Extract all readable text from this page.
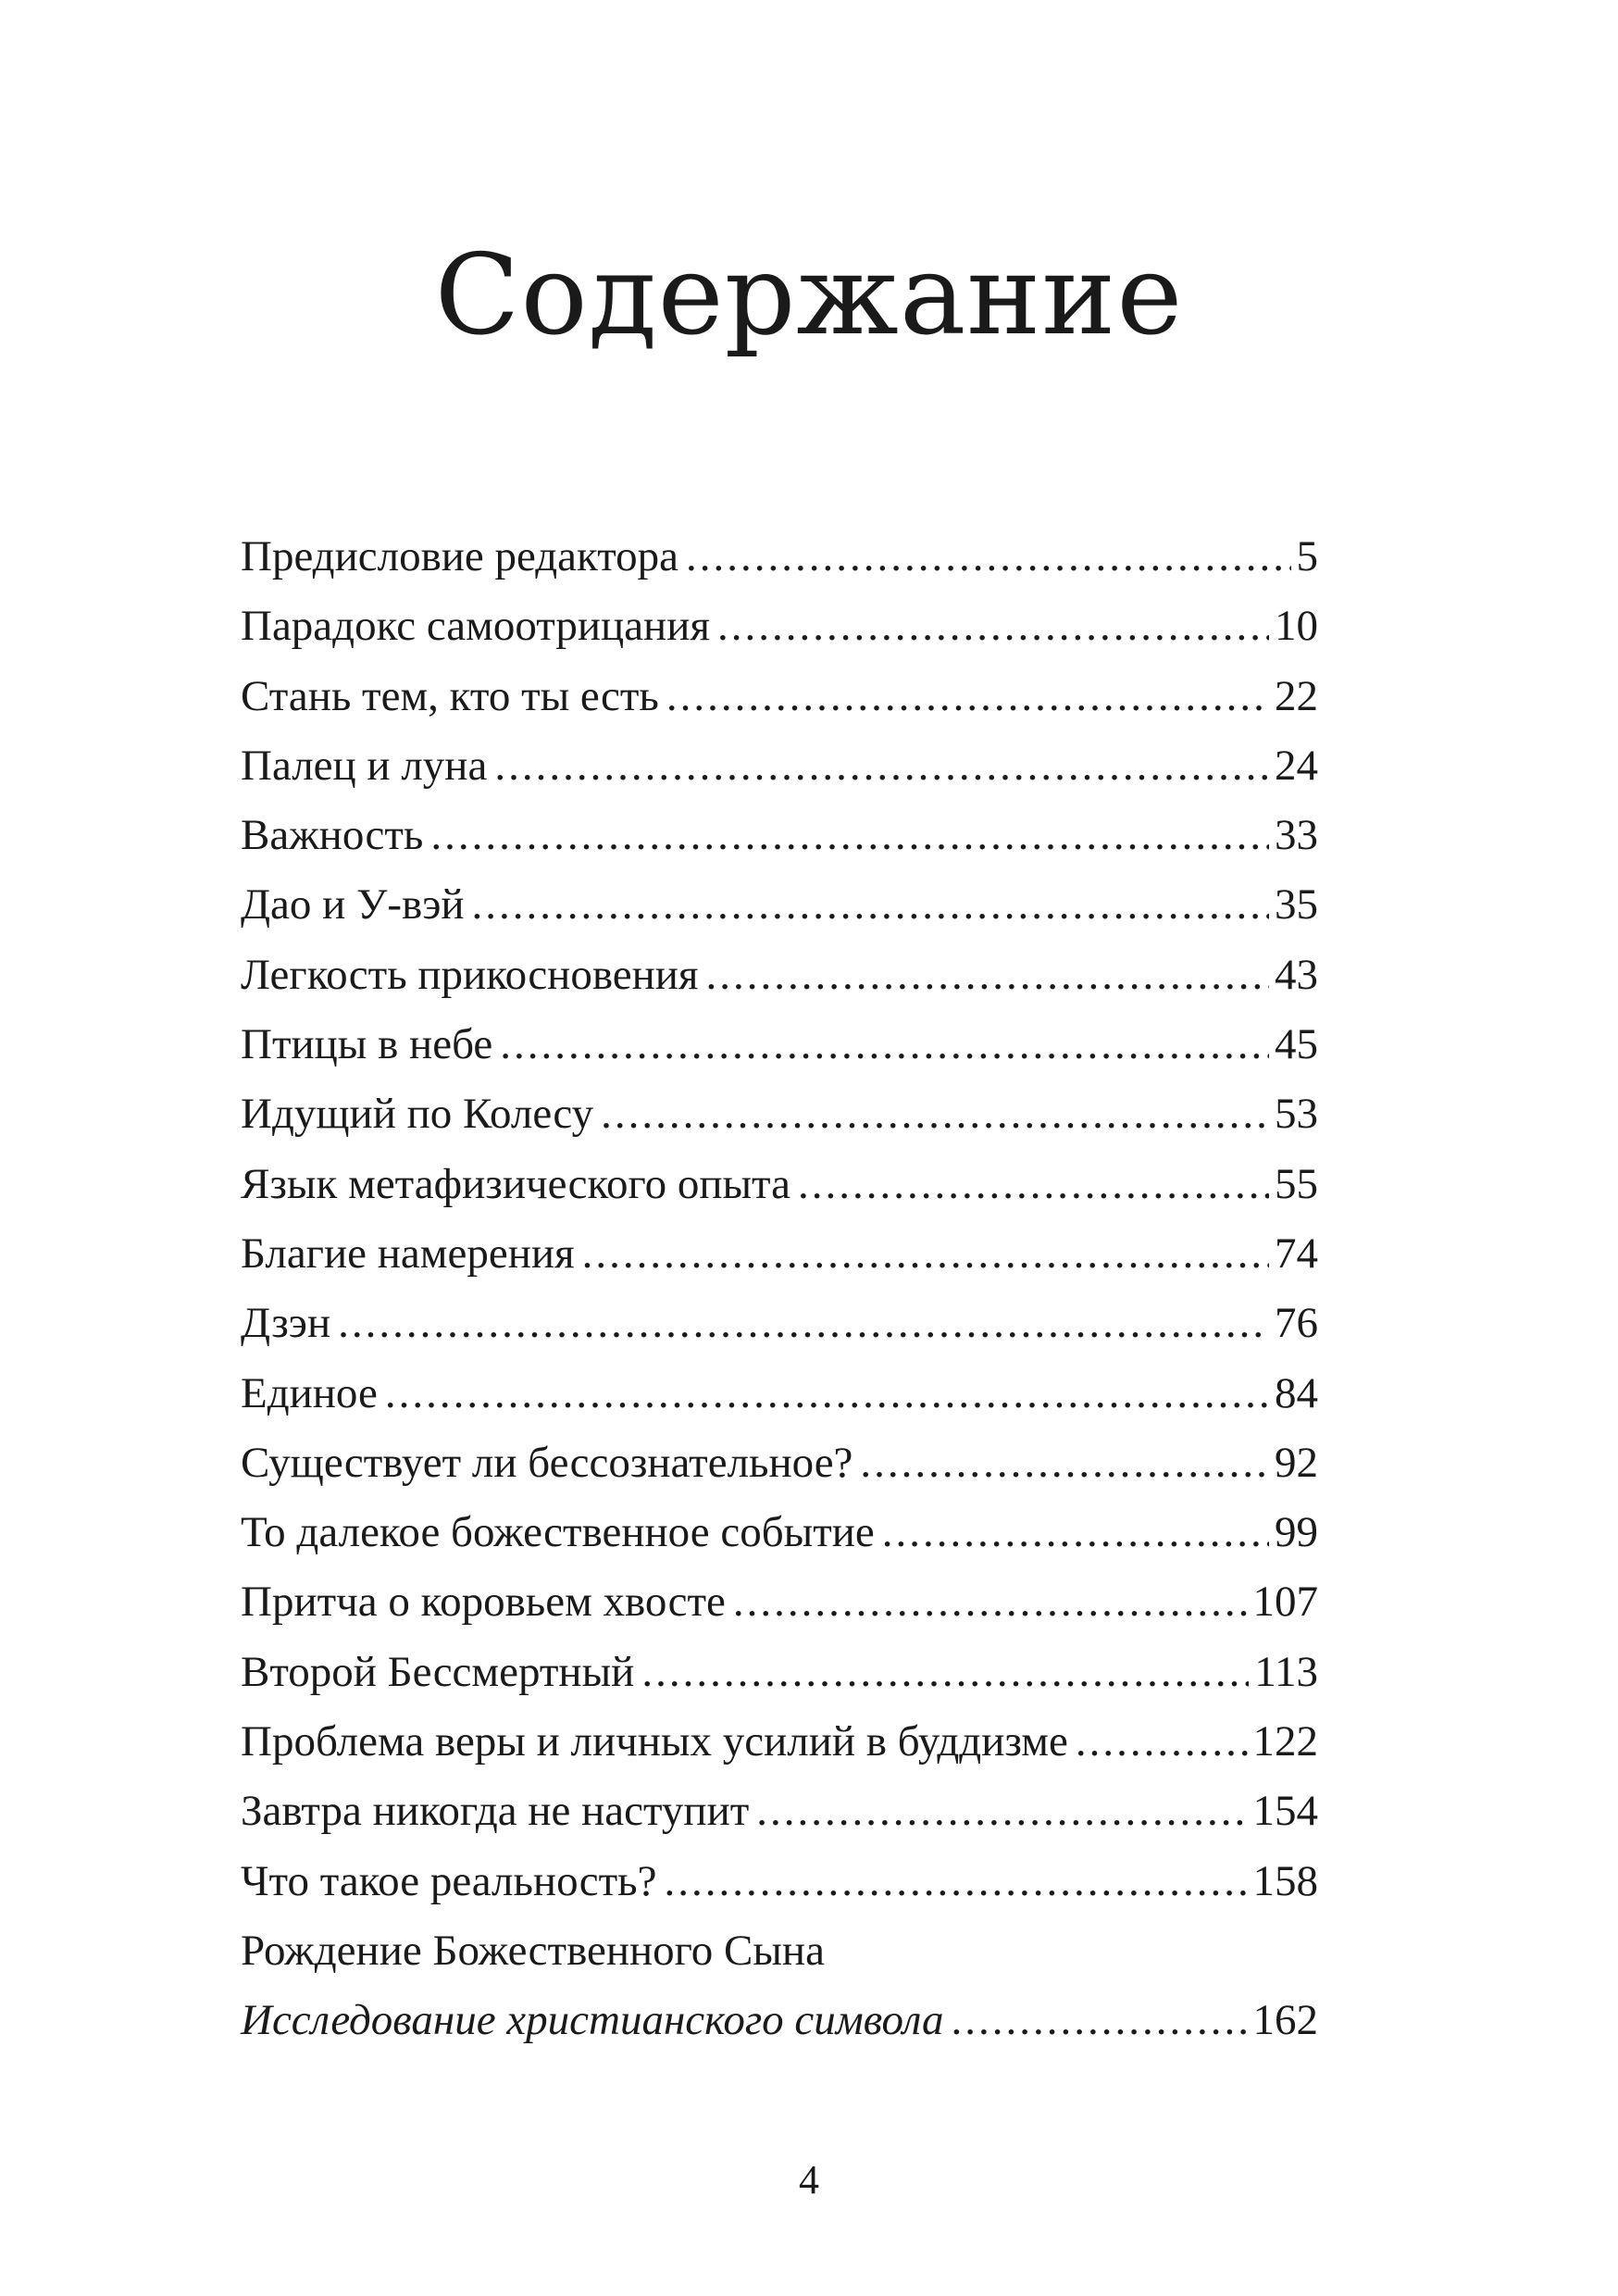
Содержание
Предисловие редактора .....	5
Парадокс самоотрицания .....	10
Стань тем, кто ты есть .....	22
Палец и луна .....	24
Важность .....	33
Дао и У-вэй .....	35
Легкость прикосновения .....	43
Птицы в небе .....	45
Идущий по Колесу .....	53
Язык метафизического опыта .....	55
Благие намерения .....	74
Дзэн .....	76
Единое .....	84
Существует ли бессознательное? .....	92
То далекое божественное событие .....	99
Притча о коровьем хвосте .....	107
Второй Бессмертный .....	113
Проблема веры и личных усилий в буддизме .....	122
Завтра никогда не наступит .....	154
Что такое реальность? .....	158
Рождение Божественного Сына
Исследование христианского символа .....	162
4
